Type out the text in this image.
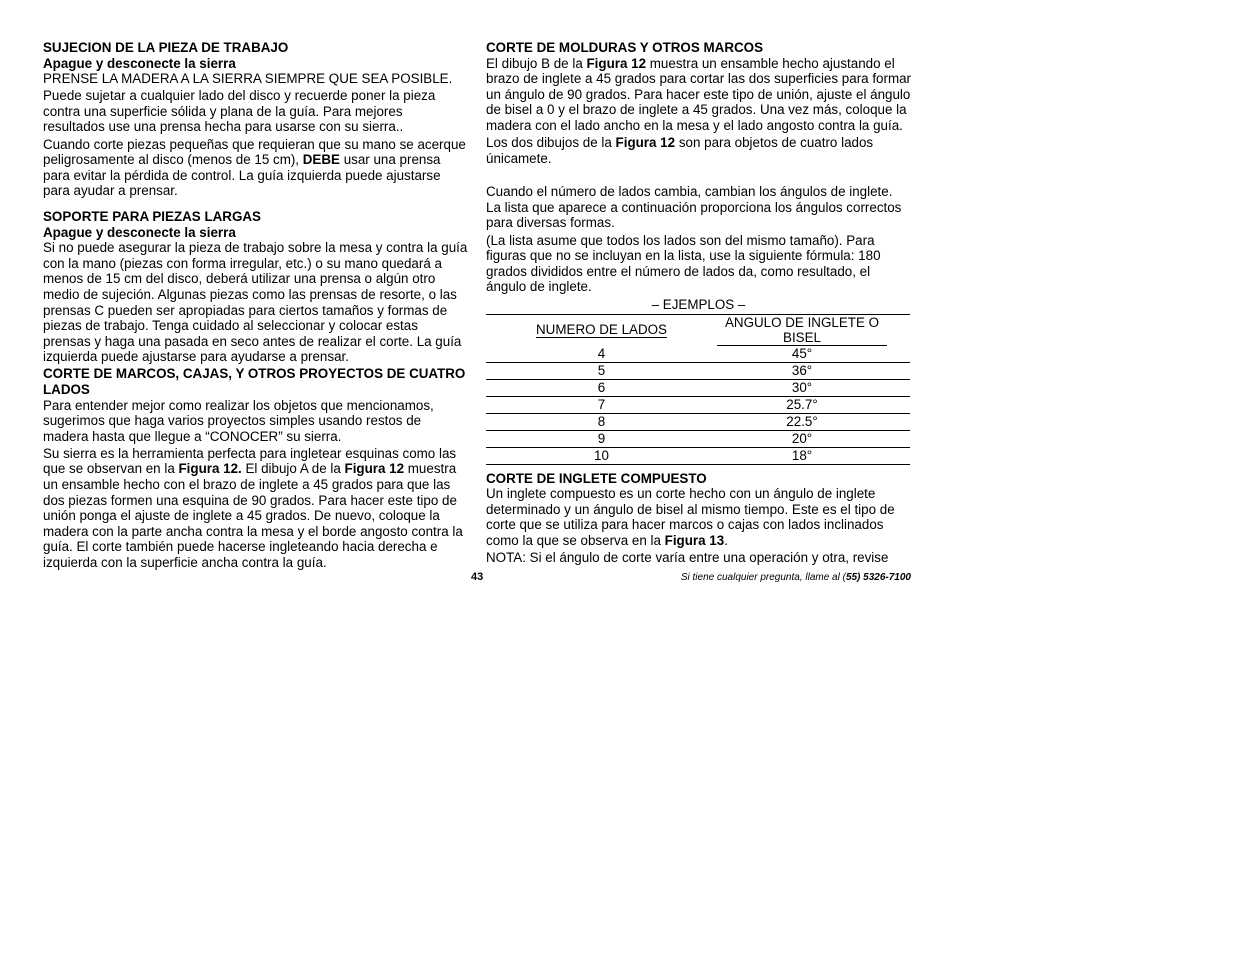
SUJECION DE LA PIEZA DE TRABAJO

Apague y desconecte la sierra

PRENSE LA MADERA A LA SIERRA SIEMPRE QUE SEA POSIBLE.

Puede sujetar a cualquier lado del disco y recuerde poner la pieza contra una superficie sólida y plana de la guía. Para mejores resultados use una prensa hecha para usarse con su sierra..

Cuando corte piezas pequeñas que requieran que su mano se acerque peligrosamente al disco (menos de 15 cm), DEBE usar una prensa para evitar la pérdida de control. La guía izquierda puede ajustarse para ayudar a prensar.

SOPORTE PARA PIEZAS LARGAS

Apague y desconecte la sierra

Si no puede asegurar la pieza de trabajo sobre la mesa y contra la guía con la mano (piezas con forma irregular, etc.) o su mano quedará a menos de 15 cm del disco, deberá utilizar una prensa o algún otro medio de sujeción. Algunas piezas como las prensas de resorte, o las prensas C pueden ser apropiadas para ciertos tamaños y formas de piezas de trabajo. Tenga cuidado al seleccionar y colocar estas prensas y haga una pasada en seco antes de realizar el corte. La guía izquierda puede ajustarse para ayudarse a prensar.

CORTE DE MARCOS, CAJAS, Y OTROS PROYECTOS DE CUATRO LADOS

Para entender mejor como realizar los objetos que mencionamos, sugerimos que haga varios proyectos simples usando restos de madera hasta que llegue a “CONOCER” su sierra.

Su sierra es la herramienta perfecta para ingletear esquinas como las que se observan en la Figura 12. El dibujo A de la Figura 12 muestra un ensamble hecho con el brazo de inglete a 45 grados para que las dos piezas formen una esquina de 90 grados. Para hacer este tipo de unión ponga el ajuste de inglete a 45 grados. De nuevo, coloque la madera con la parte ancha contra la mesa y el borde angosto contra la guía. El corte también puede hacerse ingleteando hacia derecha e izquierda con la superficie ancha contra la guía.

CORTE DE MOLDURAS Y OTROS MARCOS

El dibujo B de la Figura 12 muestra un ensamble hecho ajustando el brazo de inglete a 45 grados para cortar las dos superficies para formar un ángulo de 90 grados. Para hacer este tipo de unión, ajuste el ángulo de bisel a 0 y el brazo de inglete a 45 grados. Una vez más, coloque la madera con el lado ancho en la mesa y el lado angosto contra la guía.

Los dos dibujos de la Figura 12 son para objetos de cuatro lados únicamete.

Cuando el número de lados cambia, cambian los ángulos de inglete. La lista que aparece a continuación proporciona los ángulos correctos para diversas formas.

(La lista asume que todos los lados son del mismo tamaño). Para figuras que no se incluyan en la lista, use la siguiente fórmula: 180 grados divididos entre el número de lados da, como resultado, el ángulo de inglete.

– EJEMPLOS –
NUMERO DE LADOS	ANGULO DE INGLETE O BISEL
4	45°
5	36°
6	30°
7	25.7°
8	22.5°
9	20°
10	18°

CORTE DE INGLETE COMPUESTO

Un inglete compuesto es un corte hecho con un ángulo de inglete determinado y un ángulo de bisel al mismo tiempo. Este es el tipo de corte que se utiliza para hacer marcos o cajas con lados inclinados como la que se observa en la Figura 13.

NOTA: Si el ángulo de corte varía entre una operación y otra, revise

43	Si tiene cualquier pregunta, llame al (55) 5326-7100
